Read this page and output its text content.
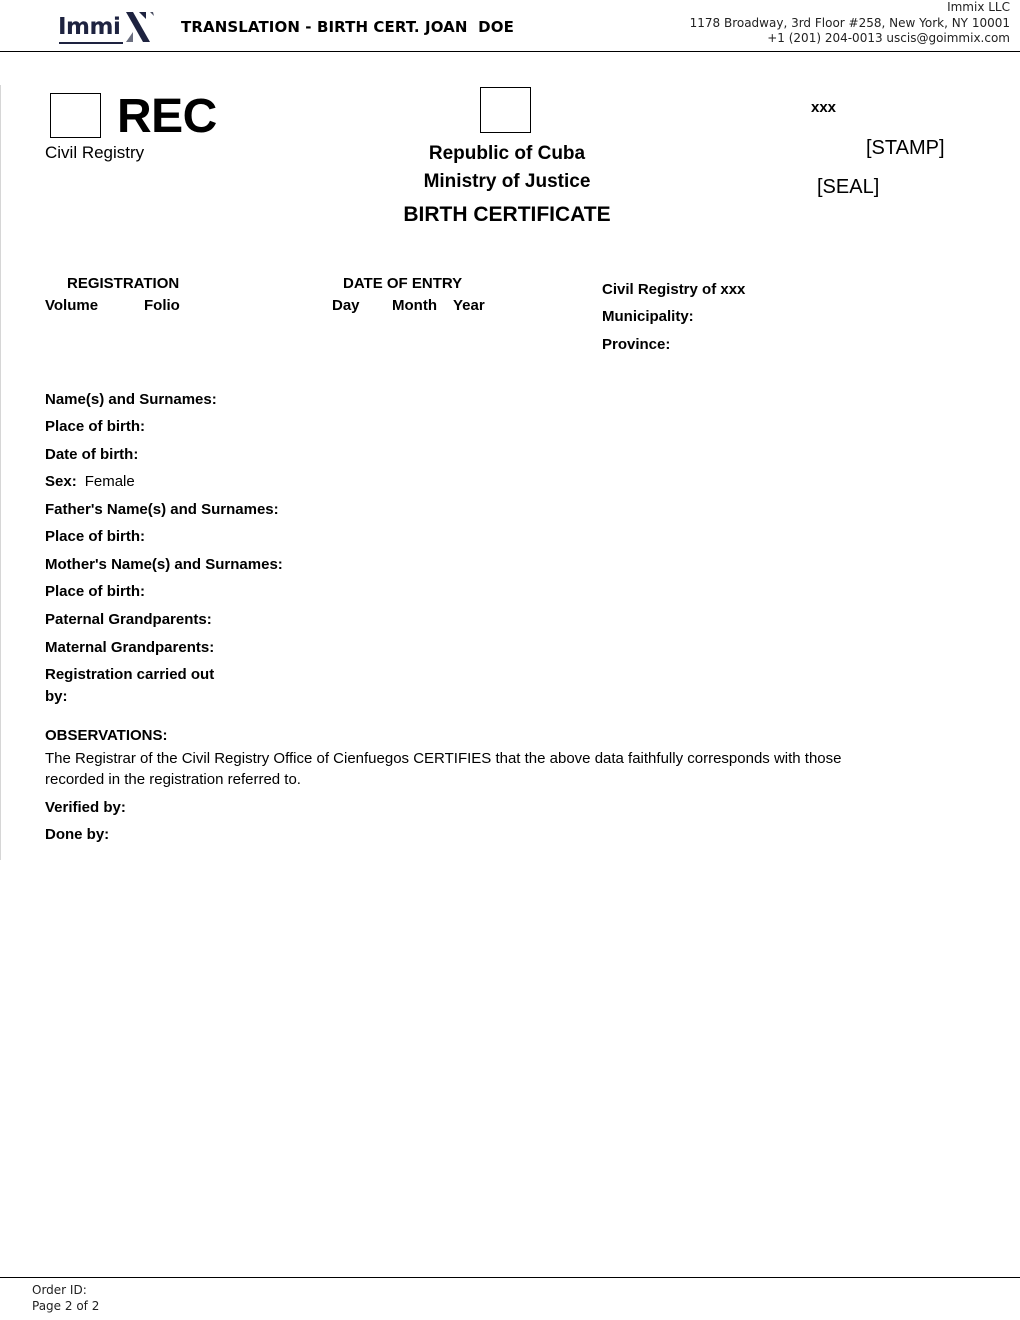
Immi	TRANSLATION - BIRTH CERT. JOAN  DOE
Immix LLC
1178 Broadway, 3rd Floor #258, New York, NY 10001
+1 (201) 204-0013 uscis@goimmix.com
REC
Civil Registry	Republic of Cuba
Ministry of Justice
BIRTH CERTIFICATE
xxx
[STAMP]
[SEAL]
REGISTRATION
Volume	Folio
DATE OF ENTRY
Day Month Year
Civil Registry of xxx
Municipality:
Province:
Name(s) and Surnames:
Place of birth:
Date of birth:
Sex: Female
Father's Name(s) and Surnames:
Place of birth:
Mother's Name(s) and Surnames:
Place of birth:
Paternal Grandparents:
Maternal Grandparents:
Registration carried out by:
OBSERVATIONS:
The Registrar of the Civil Registry Office of Cienfuegos CERTIFIES that the above data faithfully corresponds with those recorded in the registration referred to.
Verified by:
Done by:
Order ID:
Page 2 of 2
